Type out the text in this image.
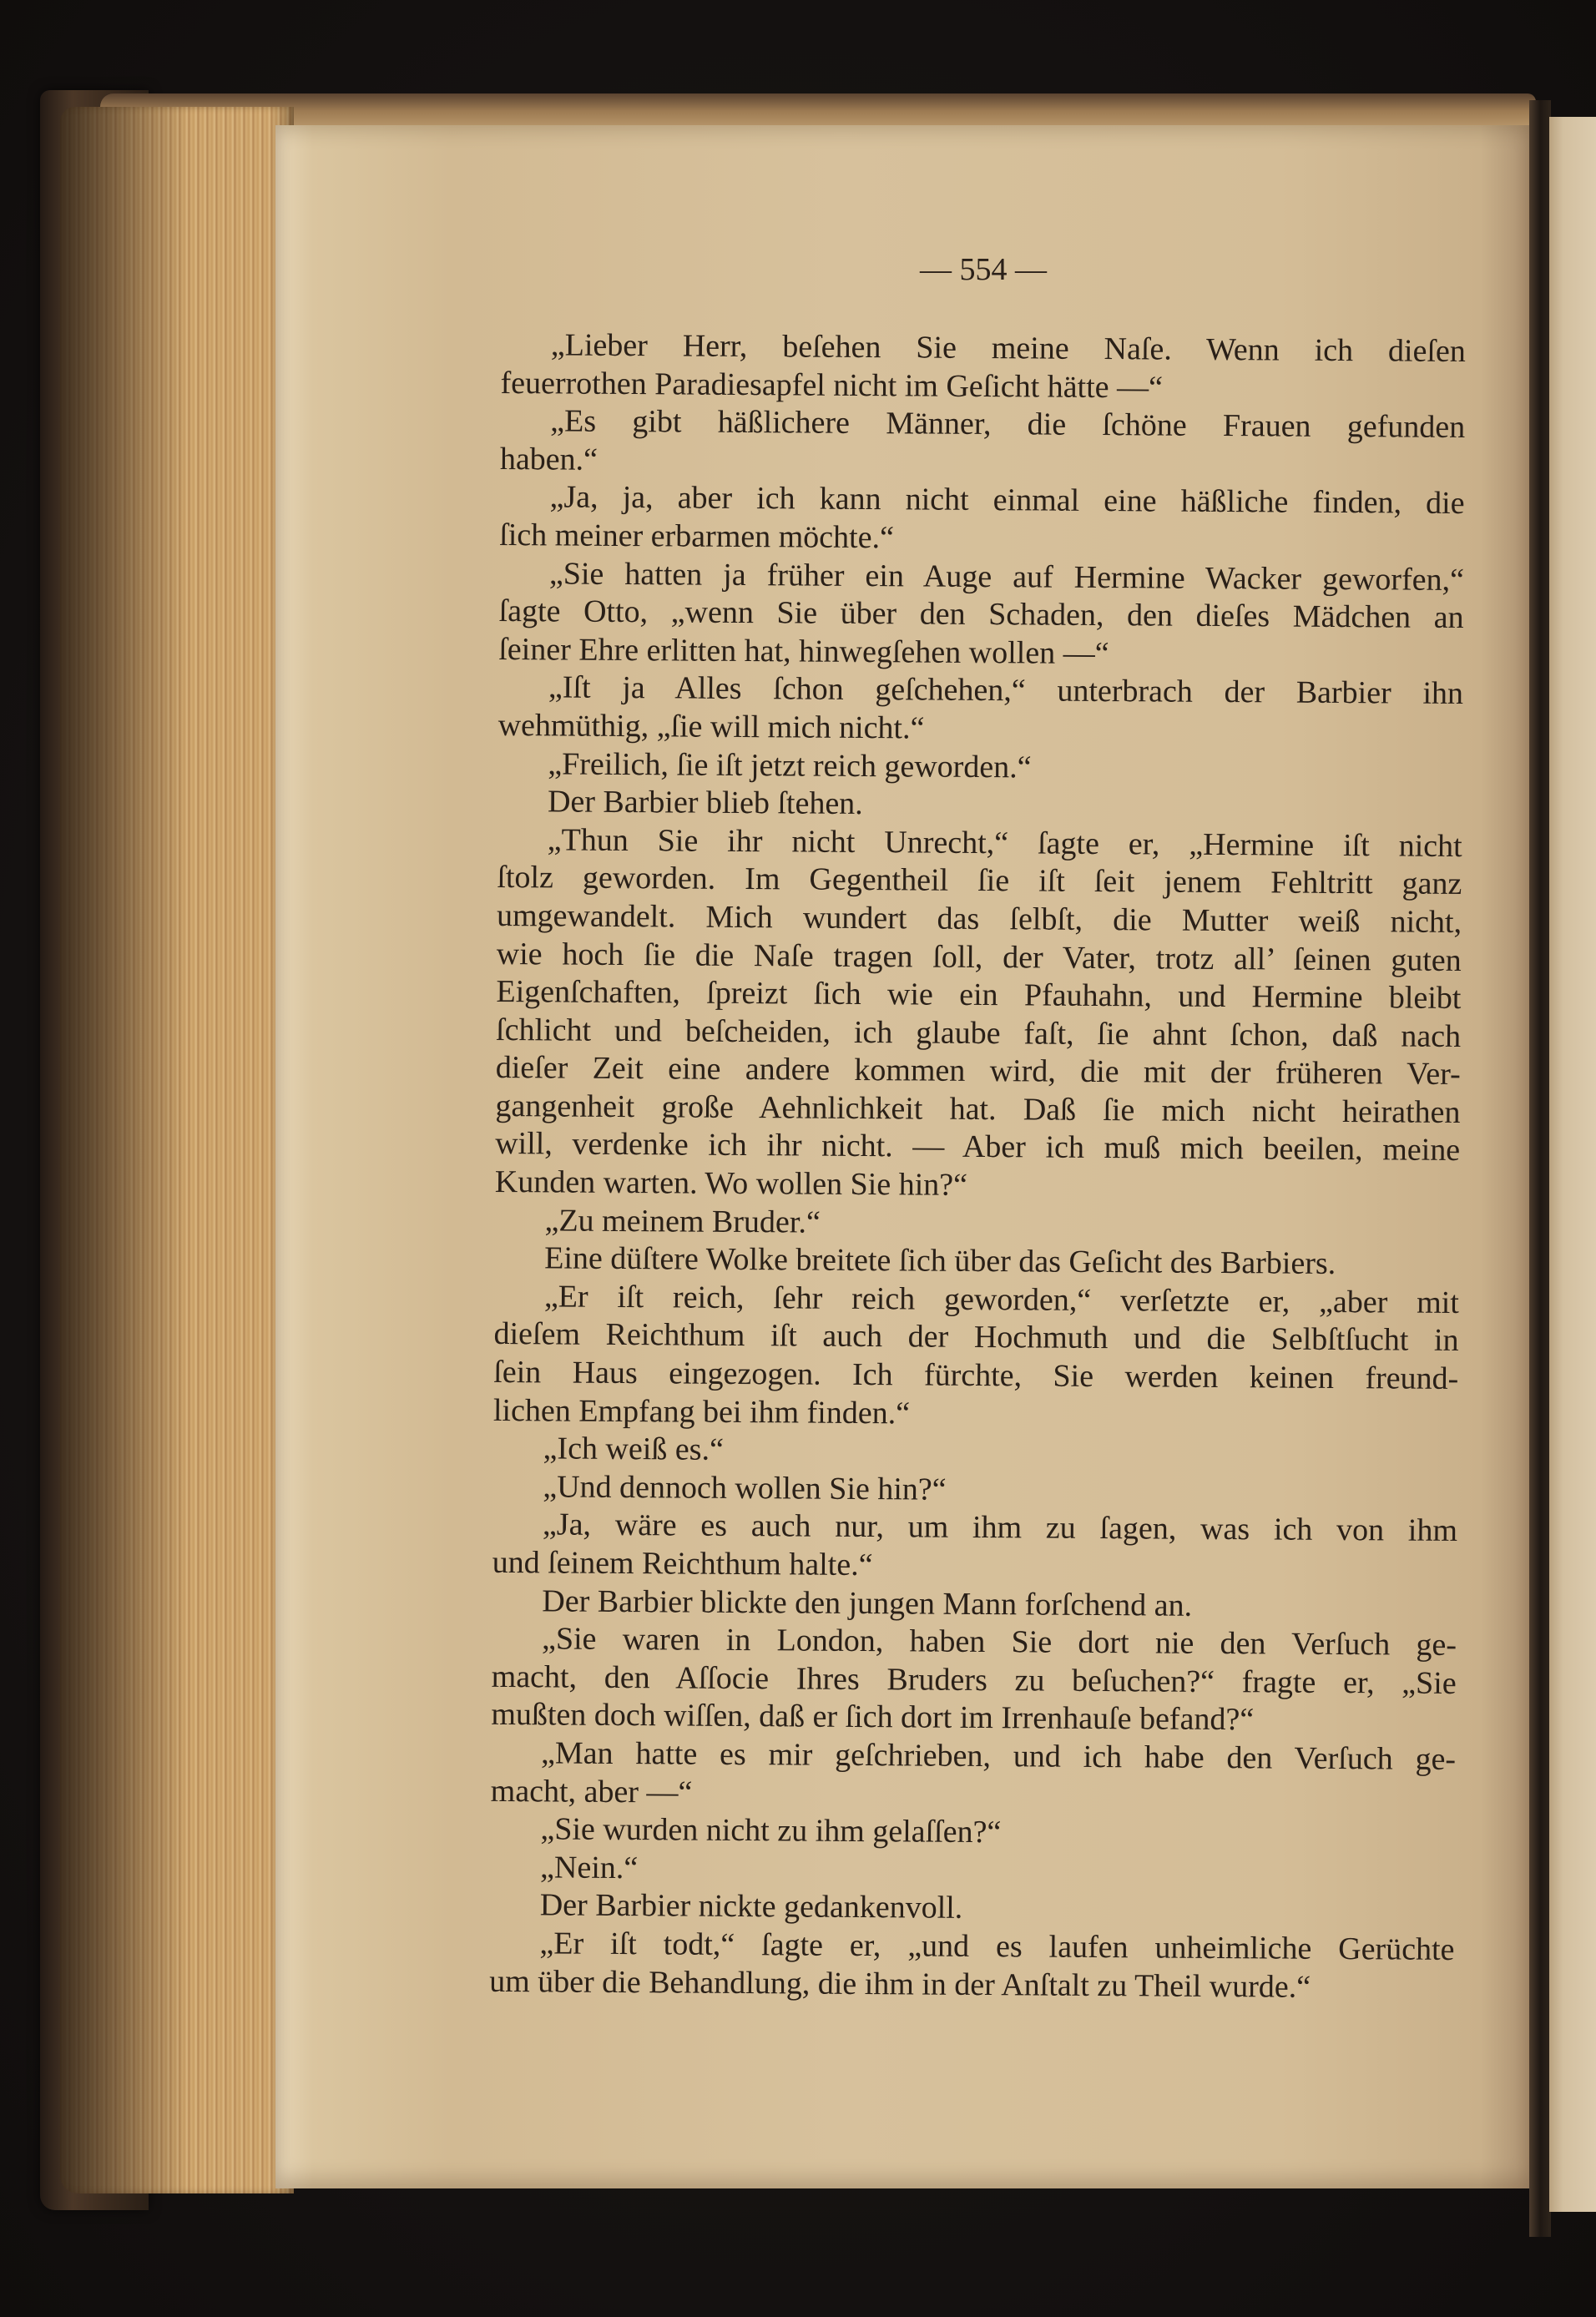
— 554 —
„Lieber Herr, beſehen Sie meine Naſe. Wenn ich dieſen
feuerrothen Paradiesapfel nicht im Geſicht hätte —“
„Es gibt häßlichere Männer, die ſchöne Frauen gefunden
haben.“
„Ja, ja, aber ich kann nicht einmal eine häßliche finden, die
ſich meiner erbarmen möchte.“
„Sie hatten ja früher ein Auge auf Hermine Wacker geworfen,“
ſagte Otto, „wenn Sie über den Schaden, den dieſes Mädchen an
ſeiner Ehre erlitten hat, hinwegſehen wollen —“
„Iſt ja Alles ſchon geſchehen,“ unterbrach der Barbier ihn
wehmüthig, „ſie will mich nicht.“
„Freilich, ſie iſt jetzt reich geworden.“
Der Barbier blieb ſtehen.
„Thun Sie ihr nicht Unrecht,“ ſagte er, „Hermine iſt nicht
ſtolz geworden. Im Gegentheil ſie iſt ſeit jenem Fehltritt ganz
umgewandelt. Mich wundert das ſelbſt, die Mutter weiß nicht,
wie hoch ſie die Naſe tragen ſoll, der Vater, trotz all’ ſeinen guten
Eigenſchaften, ſpreizt ſich wie ein Pfauhahn, und Hermine bleibt
ſchlicht und beſcheiden, ich glaube faſt, ſie ahnt ſchon, daß nach
dieſer Zeit eine andere kommen wird, die mit der früheren Ver-
gangenheit große Aehnlichkeit hat. Daß ſie mich nicht heirathen
will, verdenke ich ihr nicht. — Aber ich muß mich beeilen, meine
Kunden warten. Wo wollen Sie hin?“
„Zu meinem Bruder.“
Eine düſtere Wolke breitete ſich über das Geſicht des Barbiers.
„Er iſt reich, ſehr reich geworden,“ verſetzte er, „aber mit
dieſem Reichthum iſt auch der Hochmuth und die Selbſtſucht in
ſein Haus eingezogen. Ich fürchte, Sie werden keinen freund-
lichen Empfang bei ihm finden.“
„Ich weiß es.“
„Und dennoch wollen Sie hin?“
„Ja, wäre es auch nur, um ihm zu ſagen, was ich von ihm
und ſeinem Reichthum halte.“
Der Barbier blickte den jungen Mann forſchend an.
„Sie waren in London, haben Sie dort nie den Verſuch ge-
macht, den Aſſocie Ihres Bruders zu beſuchen?“ fragte er, „Sie
mußten doch wiſſen, daß er ſich dort im Irrenhauſe befand?“
„Man hatte es mir geſchrieben, und ich habe den Verſuch ge-
macht, aber —“
„Sie wurden nicht zu ihm gelaſſen?“
„Nein.“
Der Barbier nickte gedankenvoll.
„Er iſt todt,“ ſagte er, „und es laufen unheimliche Gerüchte
um über die Behandlung, die ihm in der Anſtalt zu Theil wurde.“
